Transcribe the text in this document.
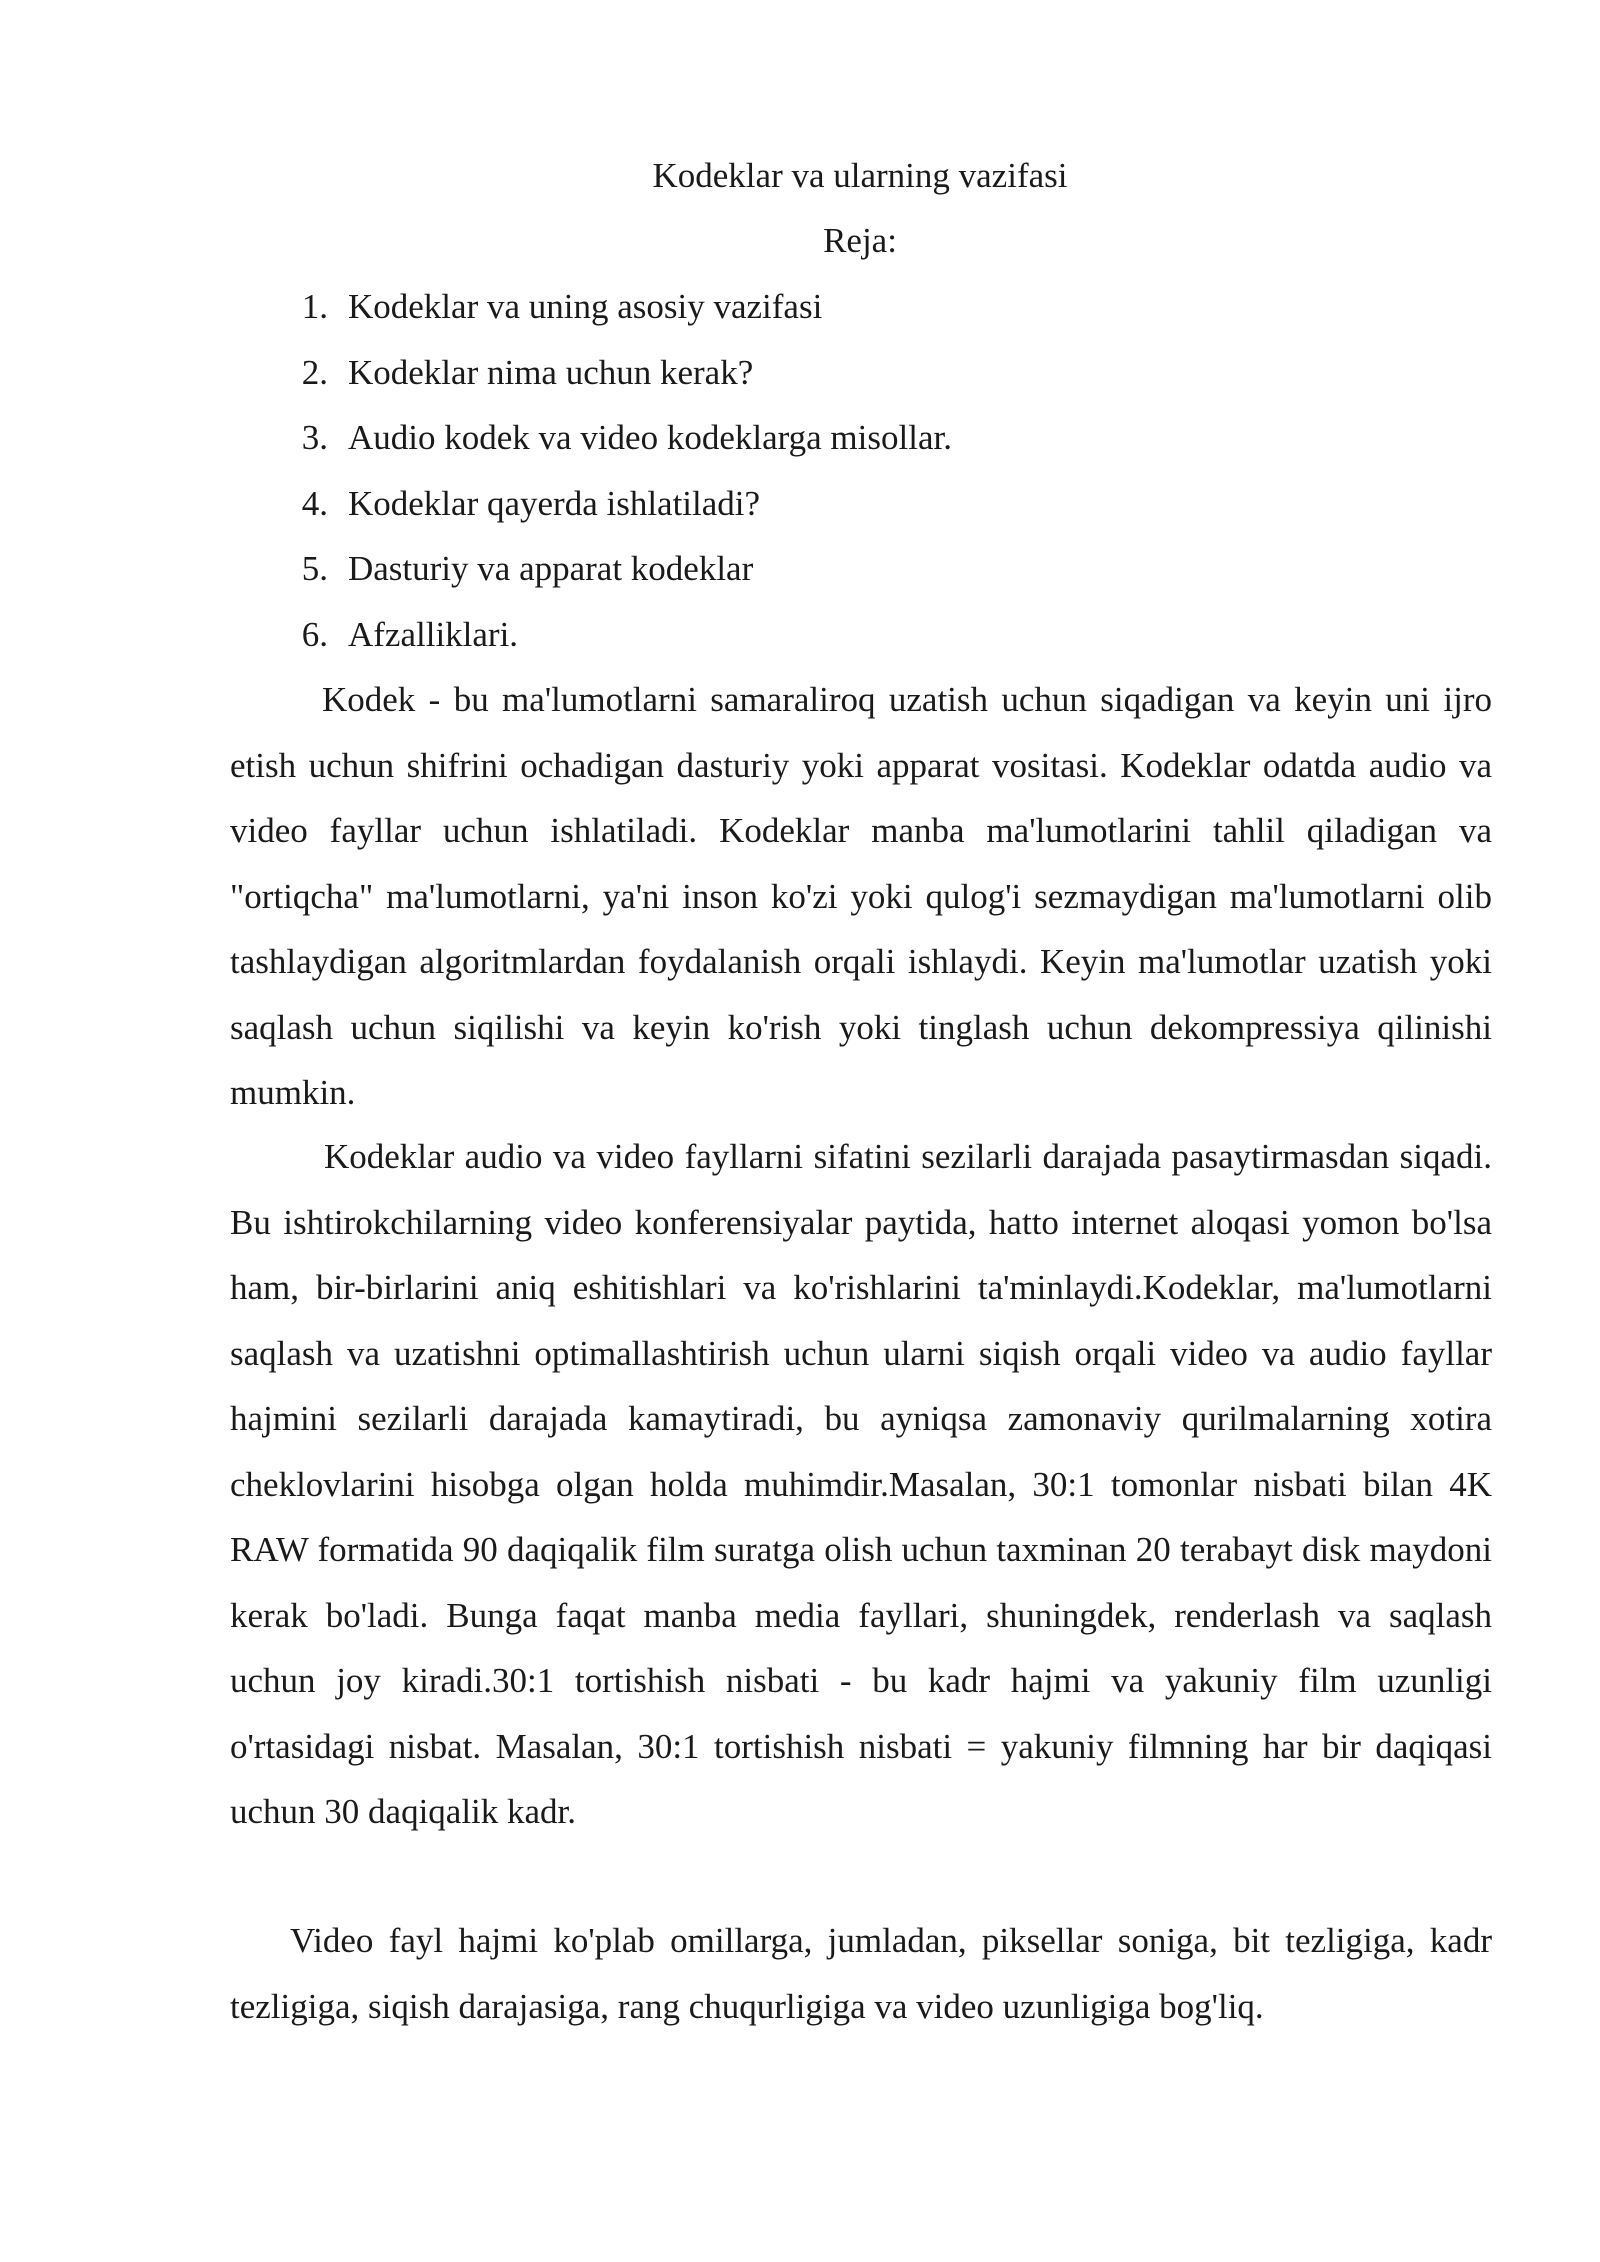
Kodeklar va ularning vazifasi
Reja:
1. Kodeklar va uning asosiy vazifasi
2. Kodeklar nima uchun kerak?
3. Audio kodek va video kodeklarga misollar.
4. Kodeklar qayerda ishlatiladi?
5. Dasturiy va apparat kodeklar
6. Afzalliklari.

Kodek - bu ma'lumotlarni samaraliroq uzatish uchun siqadigan va keyin uni ijro etish uchun shifrini ochadigan dasturiy yoki apparat vositasi. Kodeklar odatda audio va video fayllar uchun ishlatiladi. Kodeklar manba ma'lumotlarini tahlil qiladigan va "ortiqcha" ma'lumotlarni, ya'ni inson ko'zi yoki qulog'i sezmaydigan ma'lumotlarni olib tashlaydigan algoritmlardan foydalanish orqali ishlaydi. Keyin ma'lumotlar uzatish yoki saqlash uchun siqilishi va keyin ko'rish yoki tinglash uchun dekompressiya qilinishi mumkin.

Kodeklar audio va video fayllarni sifatini sezilarli darajada pasaytirmasdan siqadi. Bu ishtirokchilarning video konferensiyalar paytida, hatto internet aloqasi yomon bo'lsa ham, bir-birlarini aniq eshitishlari va ko'rishlarini ta'minlaydi.Kodeklar, ma'lumotlarni saqlash va uzatishni optimallashtirish uchun ularni siqish orqali video va audio fayllar hajmini sezilarli darajada kamaytiradi, bu ayniqsa zamonaviy qurilmalarning xotira cheklovlarini hisobga olgan holda muhimdir.Masalan, 30:1 tomonlar nisbati bilan 4K RAW formatida 90 daqiqalik film suratga olish uchun taxminan 20 terabayt disk maydoni kerak bo'ladi. Bunga faqat manba media fayllari, shuningdek, renderlash va saqlash uchun joy kiradi.30:1 tortishish nisbati - bu kadr hajmi va yakuniy film uzunligi o'rtasidagi nisbat. Masalan, 30:1 tortishish nisbati = yakuniy filmning har bir daqiqasi uchun 30 daqiqalik kadr.

Video fayl hajmi ko'plab omillarga, jumladan, piksellar soniga, bit tezligiga, kadr tezligiga, siqish darajasiga, rang chuqurligiga va video uzunligiga bog'liq.
